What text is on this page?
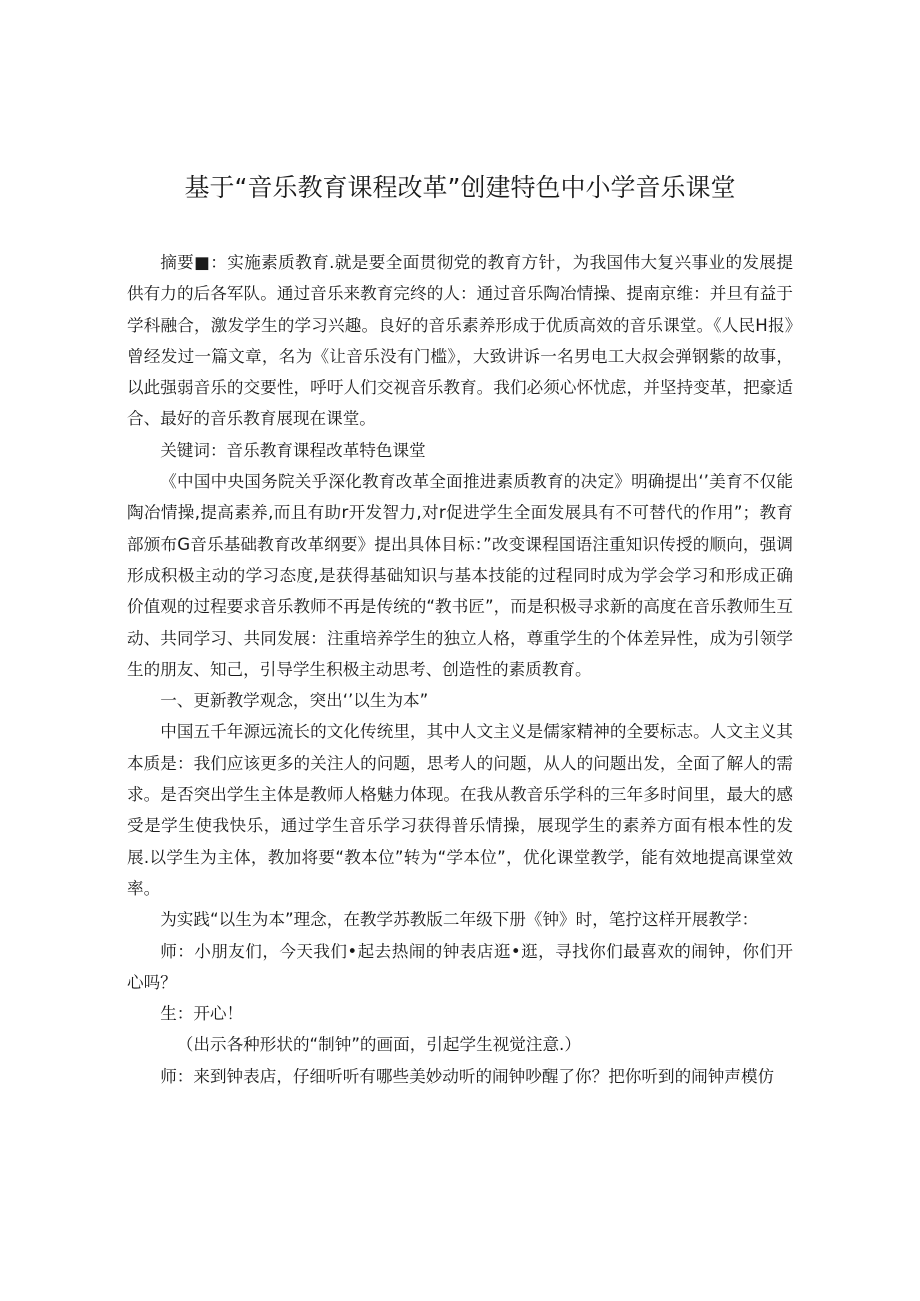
基于“音乐教育课程改革”创建特色中小学音乐课堂

摘要■：实施素质教育.就是要全面贯彻党的教育方针，为我国伟大复兴事业的发展提供有力的后各军队。通过音乐来教育完终的人：通过音乐陶冶情操、提南京维：并旦有益于学科融合，激发学生的学习兴趣。良好的音乐素养形成于优质高效的音乐课堂。《人民H报》曾经发过一篇文章，名为《让音乐没有门槛》，大致讲诉一名男电工大叔会弹钢紫的故事，以此强弱音乐的交要性，呼吁人们交视音乐教育。我们必须心怀忧虑，并坚持变革，把豪适合、最好的音乐教育展现在课堂。

关键词：音乐教育课程改革特色课堂

《中国中央国务院关乎深化教育改革全面推进素质教育的决定》明确提出‘’美育不仅能陶冶情操,提高素养,而且有助r开发智力,对r促进学生全面发展具有不可替代的作用”；教育部颁布G音乐基础教育改革纲要》提出具体目标：”改变课程国语注重知识传授的顺向，强调形成积极主动的学习态度,是获得基础知识与基本技能的过程同时成为学会学习和形成正确价值观的过程要求音乐教师不再是传统的“教书匠”，而是积极寻求新的高度在音乐教师生互动、共同学习、共同发展：注重培养学生的独立人格，尊重学生的个体差异性，成为引领学生的朋友、知己，引导学生积极主动思考、创造性的素质教育。

一、更新教学观念，突出‘’以生为本”

中国五千年源远流长的文化传统里，其中人文主义是儒家精神的全要标志。人文主义其本质是：我们应该更多的关注人的问题，思考人的问题，从人的问题出发，全面了解人的需求。是否突出学生主体是教师人格魅力体现。在我从教音乐学科的三年多时间里，最大的感受是学生使我快乐，通过学生音乐学习获得普乐情操，展现学生的素养方面有根本性的发展.以学生为主体，教加将要“教本位”转为“学本位”，优化课堂教学，能有效地提高课堂效率。

为实践“以生为本”理念，在教学苏教版二年级下册《钟》时，笔拧这样开展教学：

师：小朋友们，今天我们•起去热闹的钟表店逛•逛，寻找你们最喜欢的闹钟，你们开心吗？

生：开心！

（出示各种形状的“制钟”的画面，引起学生视觉注意.）

师：来到钟表店，仔细听听有哪些美妙动听的闹钟吵醒了你？把你听到的闹钟声模仿
